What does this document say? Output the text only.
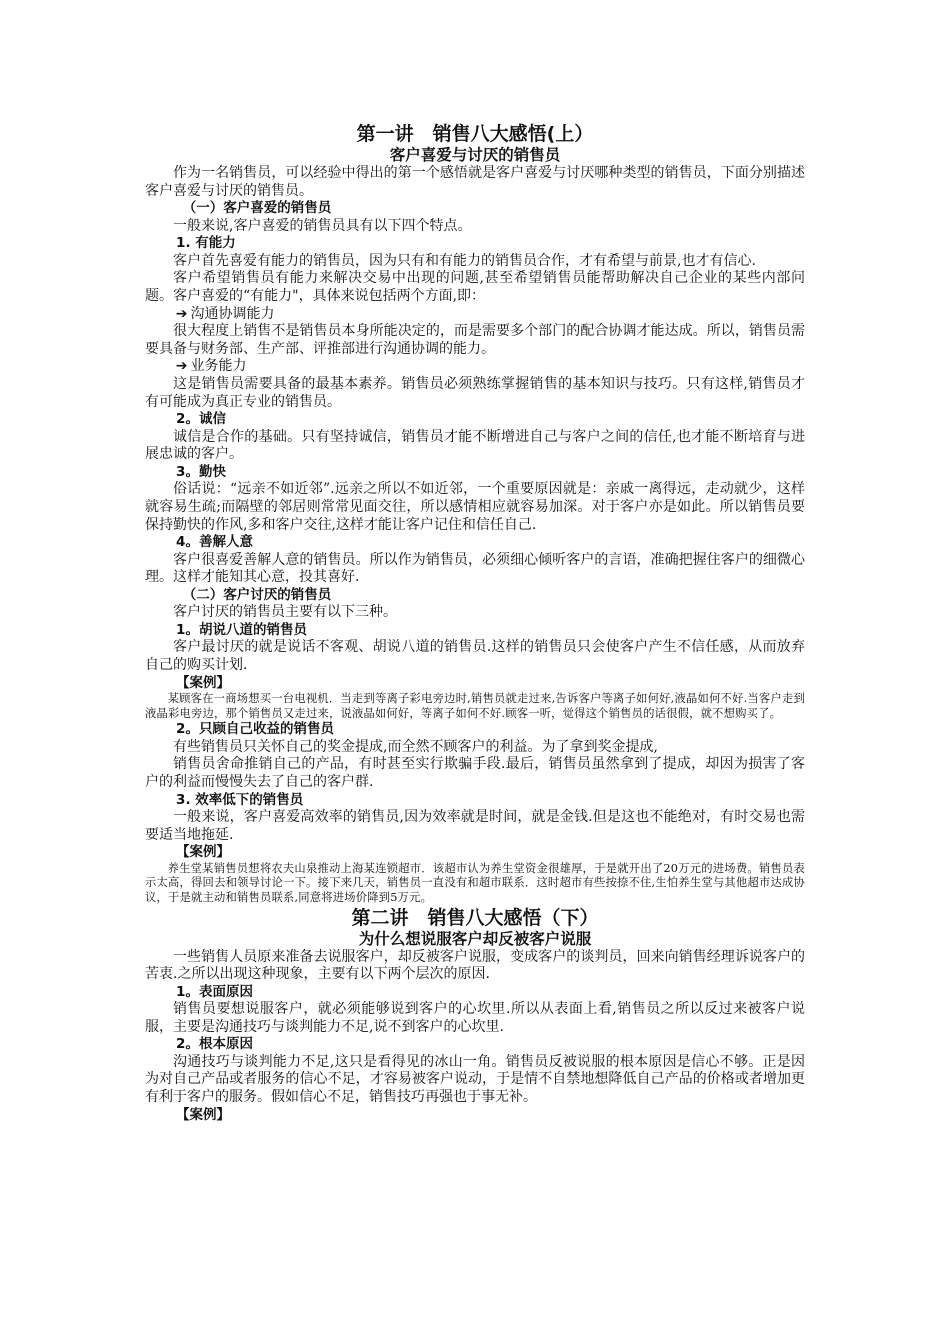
第一讲　销售八大感悟(上）
客户喜爱与讨厌的销售员

作为一名销售员，可以经验中得出的第一个感悟就是客户喜爱与讨厌哪种类型的销售员，下面分别描述客户喜爱与讨厌的销售员。

（一）客户喜爱的销售员

一般来说,客户喜爱的销售员具有以下四个特点。

1. 有能力

客户首先喜爱有能力的销售员，因为只有和有能力的销售员合作，才有希望与前景,也才有信心.

客户希望销售员有能力来解决交易中出现的问题,甚至希望销售员能帮助解决自己企业的某些内部问题。客户喜爱的“有能力"，具体来说包括两个方面,即：

➔ 沟通协调能力

很大程度上销售不是销售员本身所能决定的，而是需要多个部门的配合协调才能达成。所以，销售员需要具备与财务部、生产部、评推部进行沟通协调的能力。

➔ 业务能力

这是销售员需要具备的最基本素养。销售员必须熟练掌握销售的基本知识与技巧。只有这样,销售员才有可能成为真正专业的销售员。

2。诚信

诚信是合作的基础。只有坚持诚信，销售员才能不断增进自己与客户之间的信任,也才能不断培育与进展忠诚的客户。

3。勤快

俗话说：“远亲不如近邻”.远亲之所以不如近邻，一个重要原因就是：亲戚一离得远，走动就少，这样就容易生疏;而隔壁的邻居则常常见面交往，所以感情相应就容易加深。对于客户亦是如此。所以销售员要保持勤快的作风,多和客户交往,这样才能让客户记住和信任自己.

4。善解人意

客户很喜爱善解人意的销售员。所以作为销售员，必须细心倾听客户的言语，准确把握住客户的细微心理。这样才能知其心意，投其喜好.

（二）客户讨厌的销售员

客户讨厌的销售员主要有以下三种。

1。胡说八道的销售员

客户最讨厌的就是说话不客观、胡说八道的销售员.这样的销售员只会使客户产生不信任感，从而放弃自己的购买计划.

【案例】

某顾客在一商场想买一台电视机．当走到等离子彩电旁边时,销售员就走过来,告诉客户等离子如何好,液晶如何不好.当客户走到液晶彩电旁边，那个销售员又走过来，说液晶如何好，等离子如何不好.顾客一听，觉得这个销售员的话很假，就不想购买了。

2。只顾自己收益的销售员

有些销售员只关怀自己的奖金提成,而全然不顾客户的利益。为了拿到奖金提成,

销售员舍命推销自己的产品，有时甚至实行欺骗手段.最后，销售员虽然拿到了提成，却因为损害了客户的利益而慢慢失去了自己的客户群.

3. 效率低下的销售员

一般来说，客户喜爱高效率的销售员,因为效率就是时间，就是金钱.但是这也不能绝对，有时交易也需要适当地拖延.

【案例】

养生堂某销售员想将农夫山泉推动上海某连锁超市．该超市认为养生堂资金很雄厚，于是就开出了20万元的进场费。销售员表示太高，得回去和领导讨论一下。接下来几天，销售员一直没有和超市联系．这时超市有些按捺不住,生怕养生堂与其他超市达成协议，于是就主动和销售员联系,同意将进场价降到5万元。

第二讲　销售八大感悟（下）
为什么想说服客户却反被客户说服

一些销售人员原来准备去说服客户，却反被客户说服，变成客户的谈判员，回来向销售经理诉说客户的苦衷.之所以出现这种现象，主要有以下两个层次的原因.

1。表面原因

销售员要想说服客户，就必须能够说到客户的心坎里.所以从表面上看,销售员之所以反过来被客户说服，主要是沟通技巧与谈判能力不足,说不到客户的心坎里.

2。根本原因

沟通技巧与谈判能力不足,这只是看得见的冰山一角。销售员反被说服的根本原因是信心不够。正是因为对自己产品或者服务的信心不足，才容易被客户说动，于是情不自禁地想降低自己产品的价格或者增加更有利于客户的服务。假如信心不足，销售技巧再强也于事无补。

【案例】
